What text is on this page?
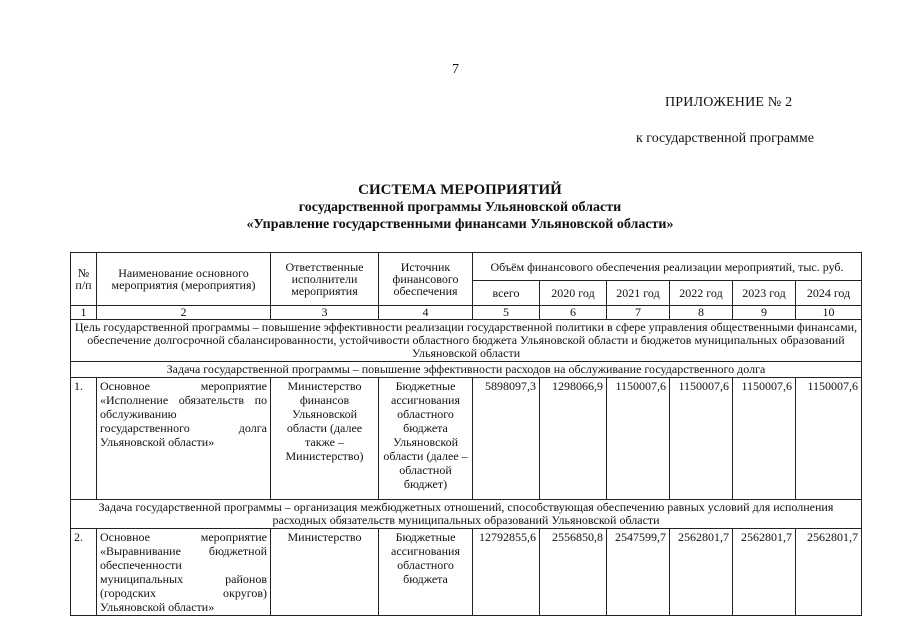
7
ПРИЛОЖЕНИЕ № 2
к государственной программе
СИСТЕМА МЕРОПРИЯТИЙ
государственной программы Ульяновской области
«Управление государственными финансами Ульяновской области»
№ п/п	Наименование основного мероприятия (мероприятия)	Ответственные исполнители мероприятия	Источник финансового обеспечения	Объём финансового обеспечения реализации мероприятий, тыс. руб.					
				всего	2020 год	2021 год	2022 год	2023 год	2024 год
1	2	3	4	5	6	7	8	9	10
Цель государственной программы – повышение эффективности реализации государственной политики в сфере управления общественными финансами, обеспечение долгосрочной сбалансированности, устойчивости областного бюджета Ульяновской области и бюджетов муниципальных образований Ульяновской области									
Задача государственной программы – повышение эффективности расходов на обслуживание государственного долга									
1.	Основное мероприятие «Исполнение обязательств по обслуживанию государственного долга Ульяновской области»	Министерство финансов Ульяновской области (далее также – Министерство)	Бюджетные ассигнования областного бюджета Ульяновской области (далее – областной бюджет)	5898097,3	1298066,9	1150007,6	1150007,6	1150007,6	1150007,6
Задача государственной программы – организация межбюджетных отношений, способствующая обеспечению равных условий для исполнения расходных обязательств муниципальных образований Ульяновской области									
2.	Основное мероприятие «Выравнивание бюджетной обеспеченности муниципальных районов (городских округов) Ульяновской области»	Министерство	Бюджетные ассигнования областного бюджета	12792855,6	2556850,8	2547599,7	2562801,7	2562801,7	2562801,7
